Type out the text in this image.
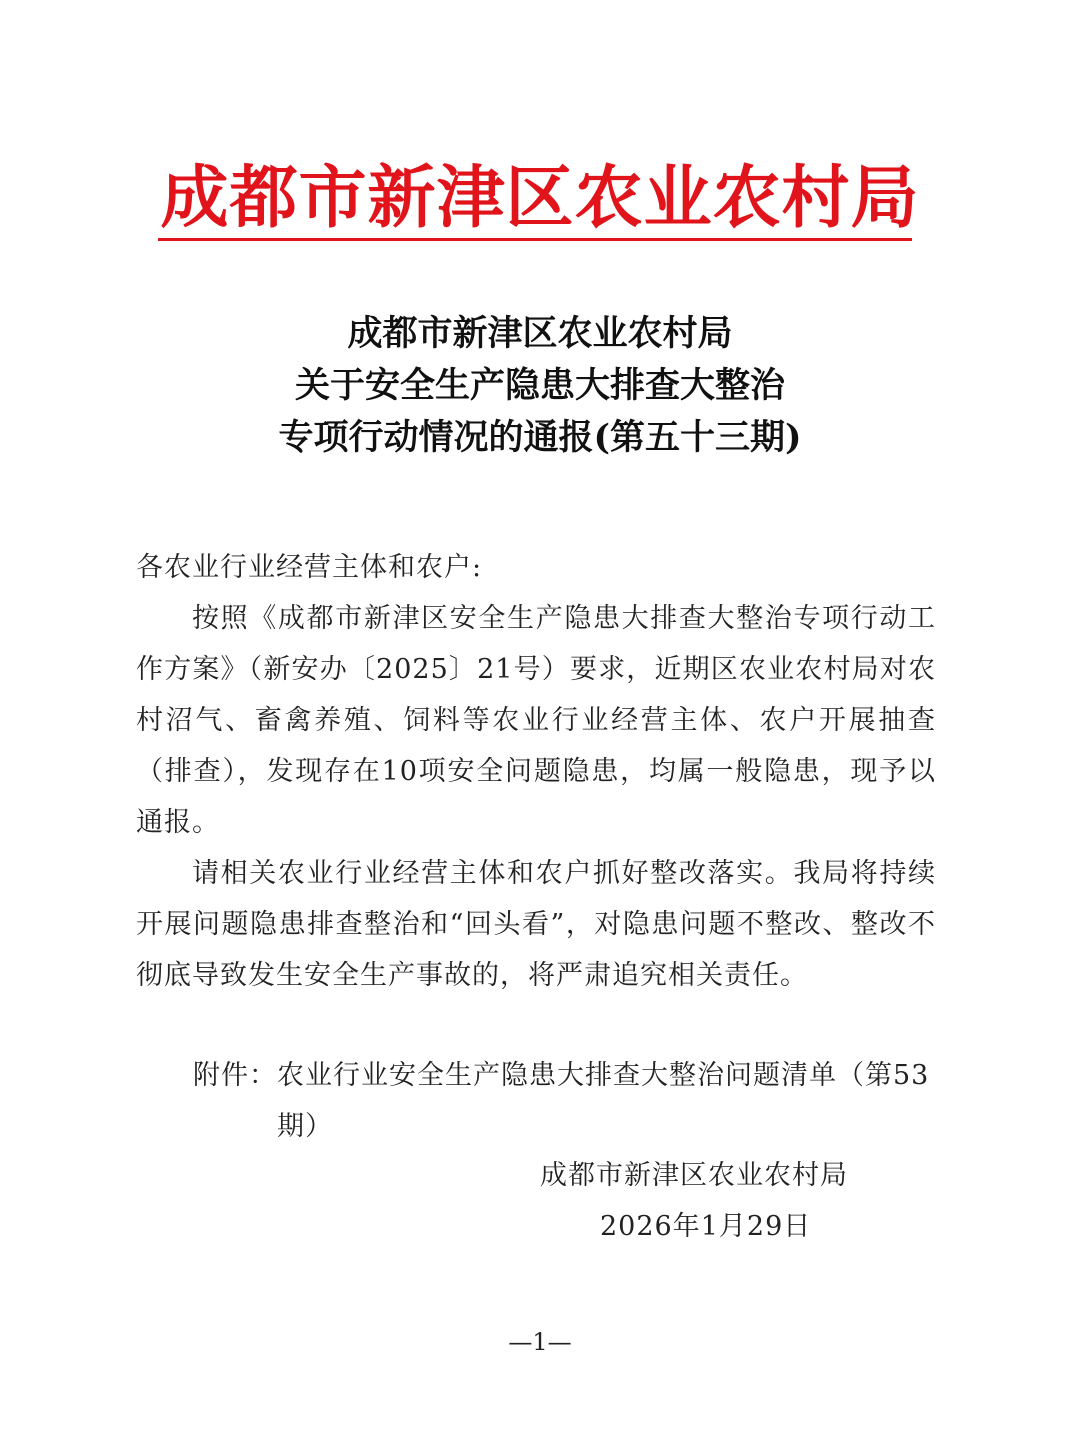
成都市新津区农业农村局
成都市新津区农业农村局
关于安全生产隐患大排查大整治
专项行动情况的通报(第五十三期)
各农业行业经营主体和农户:
按照《成都市新津区安全生产隐患大排查大整治专项行动工作方案》（新安办〔2025〕21号）要求，近期区农业农村局对农村沼气、畜禽养殖、饲料等农业行业经营主体、农户开展抽查（排查），发现存在10项安全问题隐患，均属一般隐患，现予以通报。
请相关农业行业经营主体和农户抓好整改落实。我局将持续开展问题隐患排查整治和“回头看”，对隐患问题不整改、整改不彻底导致发生安全生产事故的，将严肃追究相关责任。
附件： 农业行业安全生产隐患大排查大整治问题清单（第53期）
成都市新津区农业农村局
2026年1月29日
—1—
